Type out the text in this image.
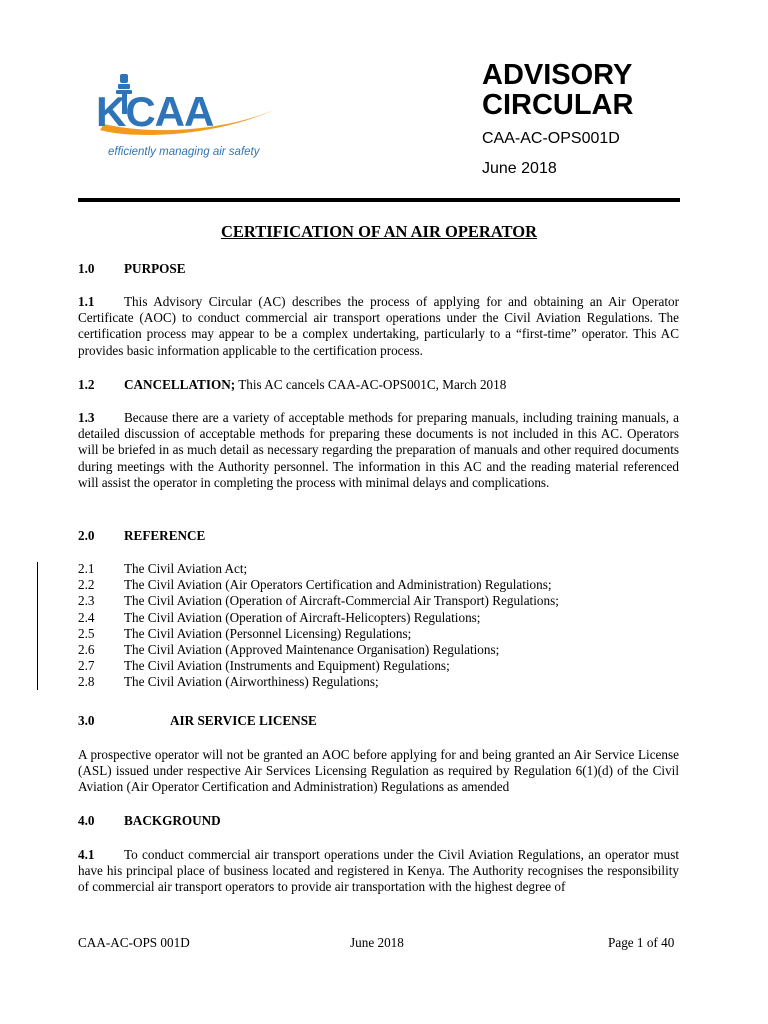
KCAA
efficiently managing air safety
ADVISORY
CIRCULAR
CAA-AC-OPS001D
June 2018
CERTIFICATION OF AN AIR OPERATOR
1.0 PURPOSE
1.1 This Advisory Circular (AC) describes the process of applying for and obtaining an Air Operator Certificate (AOC) to conduct commercial air transport operations under the Civil Aviation Regulations. The certification process may appear to be a complex undertaking, particularly to a “first-time” operator. This AC provides basic information applicable to the certification process.
1.2 CANCELLATION; This AC cancels CAA-AC-OPS001C, March 2018
1.3 Because there are a variety of acceptable methods for preparing manuals, including training manuals, a detailed discussion of acceptable methods for preparing these documents is not included in this AC. Operators will be briefed in as much detail as necessary regarding the preparation of manuals and other required documents during meetings with the Authority personnel. The information in this AC and the reading material referenced will assist the operator in completing the process with minimal delays and complications.
2.0 REFERENCE
2.1 The Civil Aviation Act;
2.2 The Civil Aviation (Air Operators Certification and Administration) Regulations;
2.3 The Civil Aviation (Operation of Aircraft-Commercial Air Transport) Regulations;
2.4 The Civil Aviation (Operation of Aircraft-Helicopters) Regulations;
2.5 The Civil Aviation (Personnel Licensing) Regulations;
2.6 The Civil Aviation (Approved Maintenance Organisation) Regulations;
2.7 The Civil Aviation (Instruments and Equipment) Regulations;
2.8 The Civil Aviation (Airworthiness) Regulations;
3.0	AIR SERVICE LICENSE
A prospective operator will not be granted an AOC before applying for and being granted an Air Service License (ASL) issued under respective Air Services Licensing Regulation as required by Regulation 6(1)(d) of the Civil Aviation (Air Operator Certification and Administration) Regulations as amended
4.0 BACKGROUND
4.1 To conduct commercial air transport operations under the Civil Aviation Regulations, an operator must have his principal place of business located and registered in Kenya. The Authority recognises the responsibility of commercial air transport operators to provide air transportation with the highest degree of
CAA-AC-OPS 001D	June 2018	Page 1 of 40
